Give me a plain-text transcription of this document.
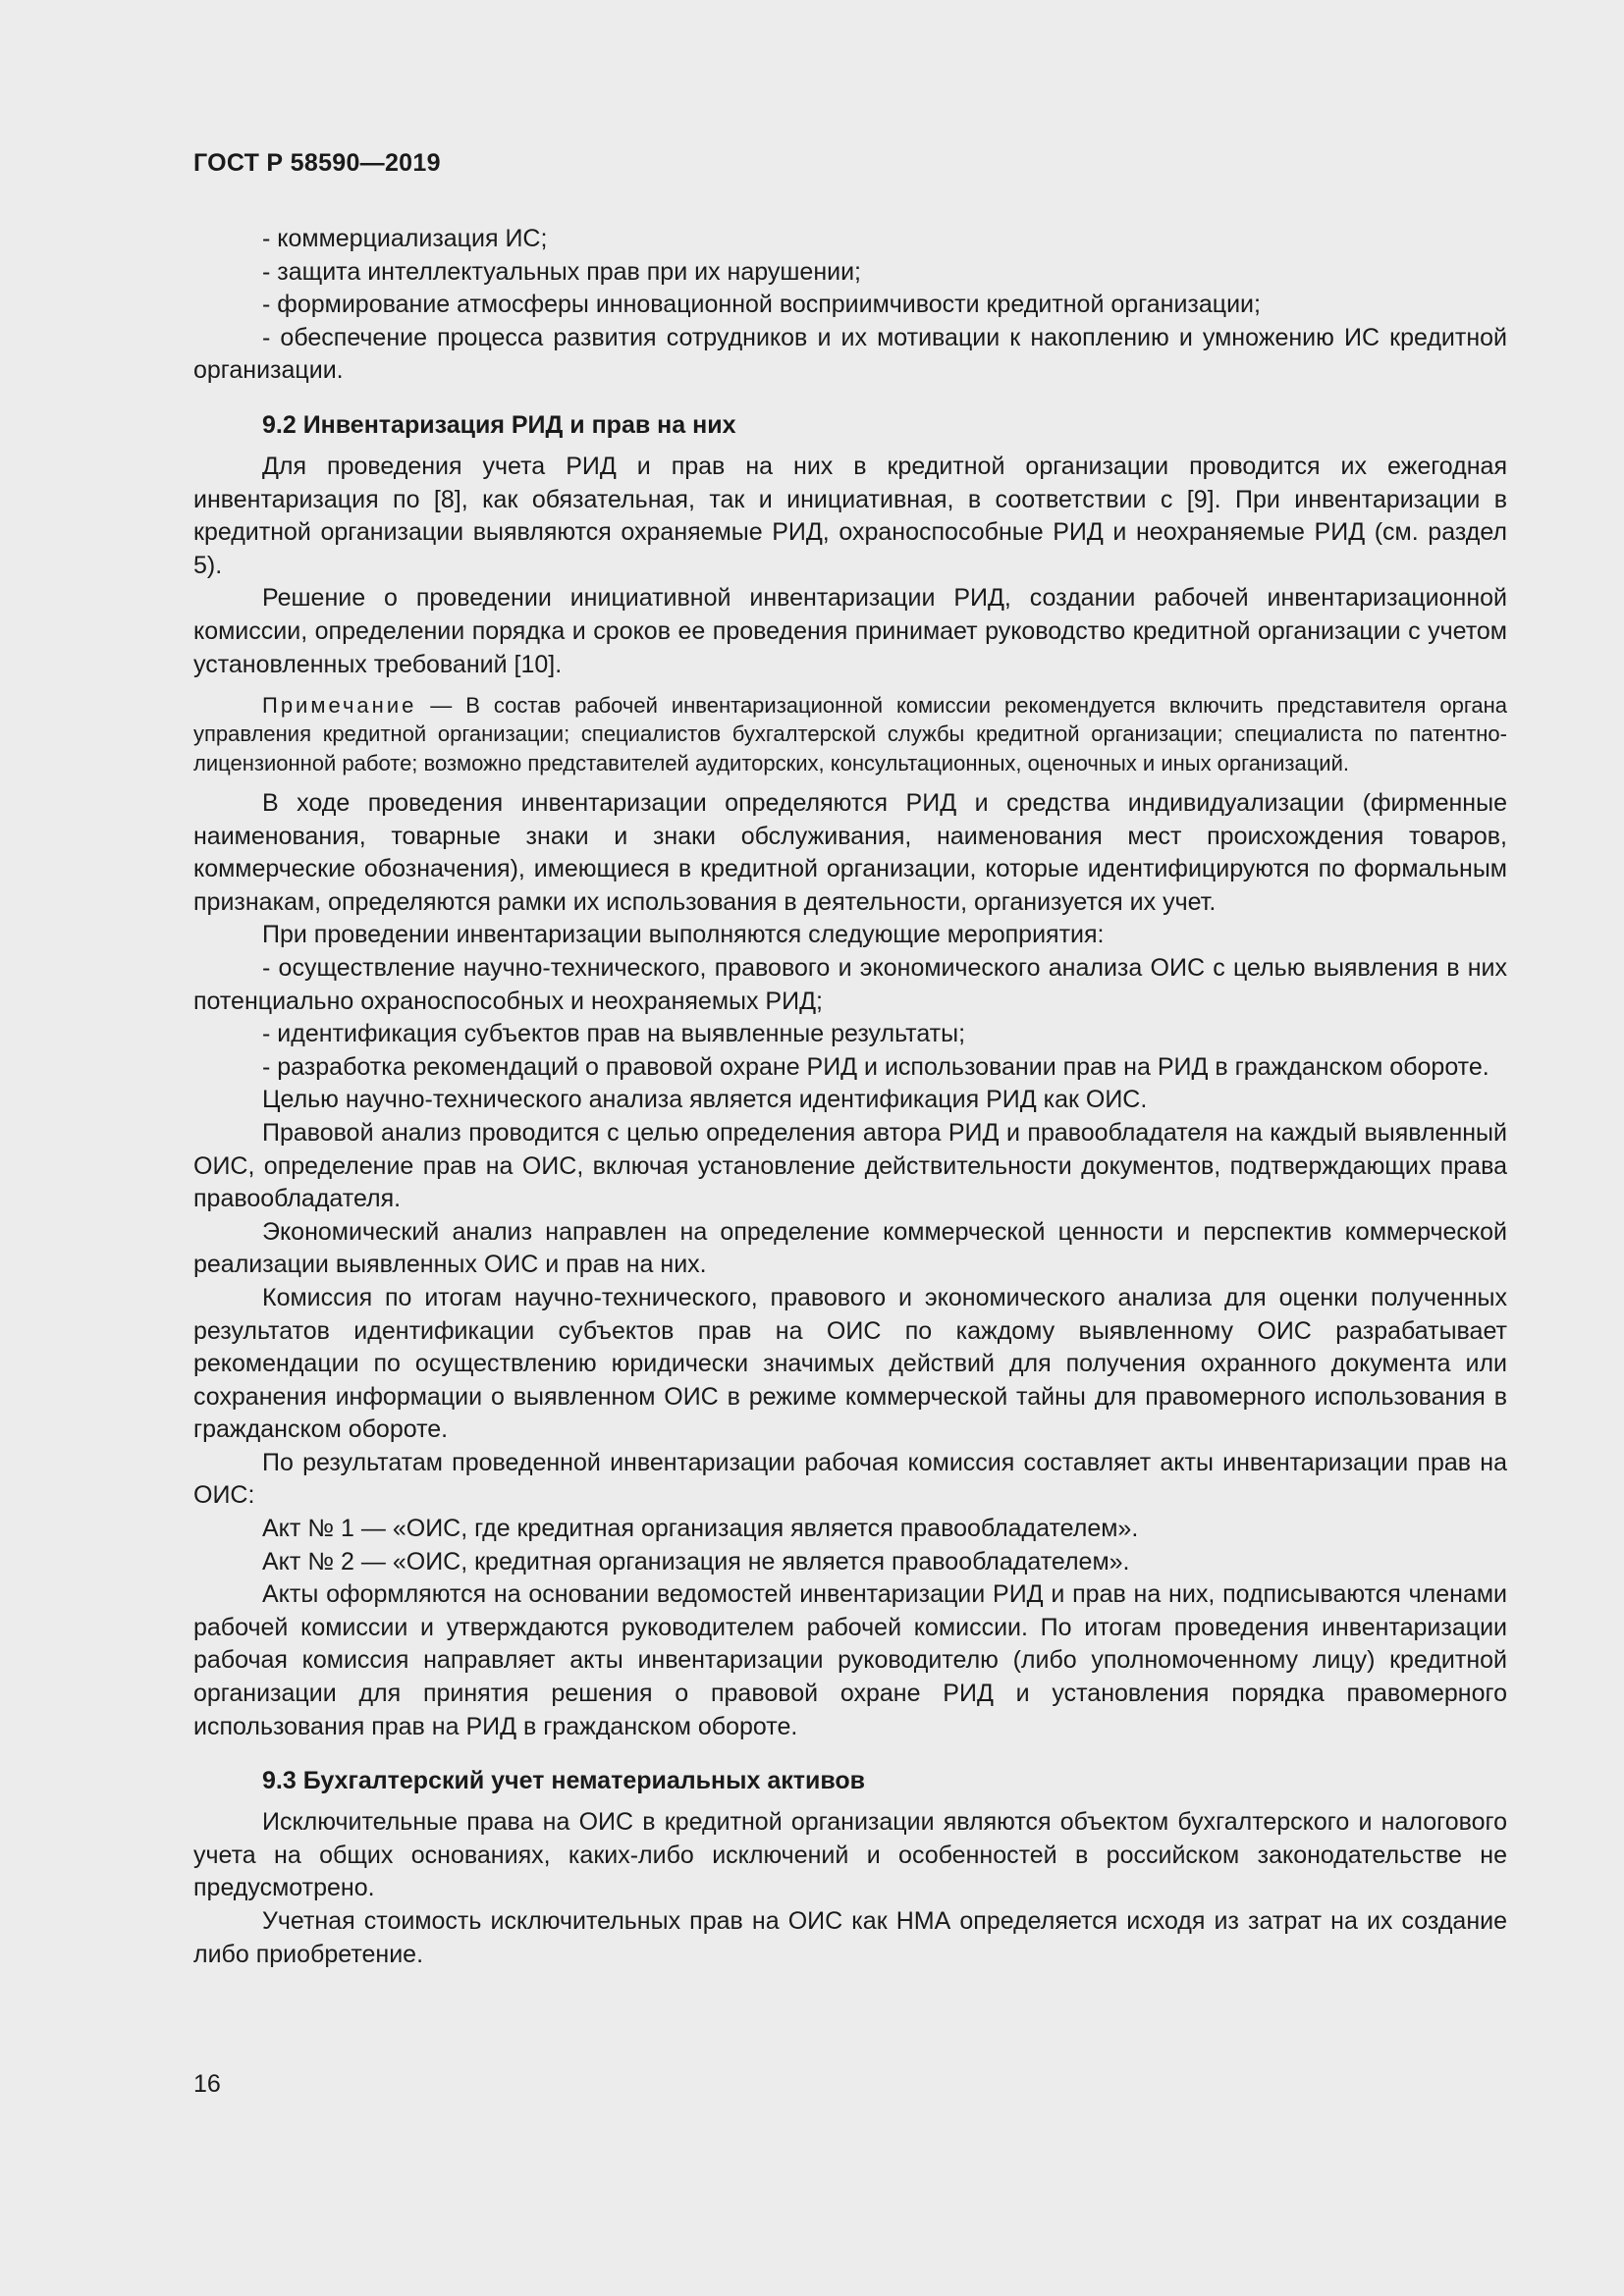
ГОСТ Р 58590—2019

- коммерциализация ИС;

- защита интеллектуальных прав при их нарушении;

- формирование атмосферы инновационной восприимчивости кредитной организации;

- обеспечение процесса развития сотрудников и их мотивации к накоплению и умножению ИС кредитной организации.

9.2 Инвентаризация РИД и прав на них

Для проведения учета РИД и прав на них в кредитной организации проводится их ежегодная инвентаризация по [8], как обязательная, так и инициативная, в соответствии с [9]. При инвентаризации в кредитной организации выявляются охраняемые РИД, охраноспособные РИД и неохраняемые РИД (см. раздел 5).

Решение о проведении инициативной инвентаризации РИД, создании рабочей инвентаризационной комиссии, определении порядка и сроков ее проведения принимает руководство кредитной организации с учетом установленных требований [10].

Примечание — В состав рабочей инвентаризационной комиссии рекомендуется включить представителя органа управления кредитной организации; специалистов бухгалтерской службы кредитной организации; специалиста по патентно-лицензионной работе; возможно представителей аудиторских, консультационных, оценочных и иных организаций.

В ходе проведения инвентаризации определяются РИД и средства индивидуализации (фирменные наименования, товарные знаки и знаки обслуживания, наименования мест происхождения товаров, коммерческие обозначения), имеющиеся в кредитной организации, которые идентифицируются по формальным признакам, определяются рамки их использования в деятельности, организуется их учет.

При проведении инвентаризации выполняются следующие мероприятия:

- осуществление научно-технического, правового и экономического анализа ОИС с целью выявления в них потенциально охраноспособных и неохраняемых РИД;

- идентификация субъектов прав на выявленные результаты;

- разработка рекомендаций о правовой охране РИД и использовании прав на РИД в гражданском обороте.

Целью научно-технического анализа является идентификация РИД как ОИС.

Правовой анализ проводится с целью определения автора РИД и правообладателя на каждый выявленный ОИС, определение прав на ОИС, включая установление действительности документов, подтверждающих права правообладателя.

Экономический анализ направлен на определение коммерческой ценности и перспектив коммерческой реализации выявленных ОИС и прав на них.

Комиссия по итогам научно-технического, правового и экономического анализа для оценки полученных результатов идентификации субъектов прав на ОИС по каждому выявленному ОИС разрабатывает рекомендации по осуществлению юридически значимых действий для получения охранного документа или сохранения информации о выявленном ОИС в режиме коммерческой тайны для правомерного использования в гражданском обороте.

По результатам проведенной инвентаризации рабочая комиссия составляет акты инвентаризации прав на ОИС:

Акт № 1 — «ОИС, где кредитная организация является правообладателем».

Акт № 2 — «ОИС, кредитная организация не является правообладателем».

Акты оформляются на основании ведомостей инвентаризации РИД и прав на них, подписываются членами рабочей комиссии и утверждаются руководителем рабочей комиссии. По итогам проведения инвентаризации рабочая комиссия направляет акты инвентаризации руководителю (либо уполномоченному лицу) кредитной организации для принятия решения о правовой охране РИД и установления порядка правомерного использования прав на РИД в гражданском обороте.

9.3 Бухгалтерский учет нематериальных активов

Исключительные права на ОИС в кредитной организации являются объектом бухгалтерского и налогового учета на общих основаниях, каких-либо исключений и особенностей в российском законодательстве не предусмотрено.

Учетная стоимость исключительных прав на ОИС как НМА определяется исходя из затрат на их создание либо приобретение.

16
